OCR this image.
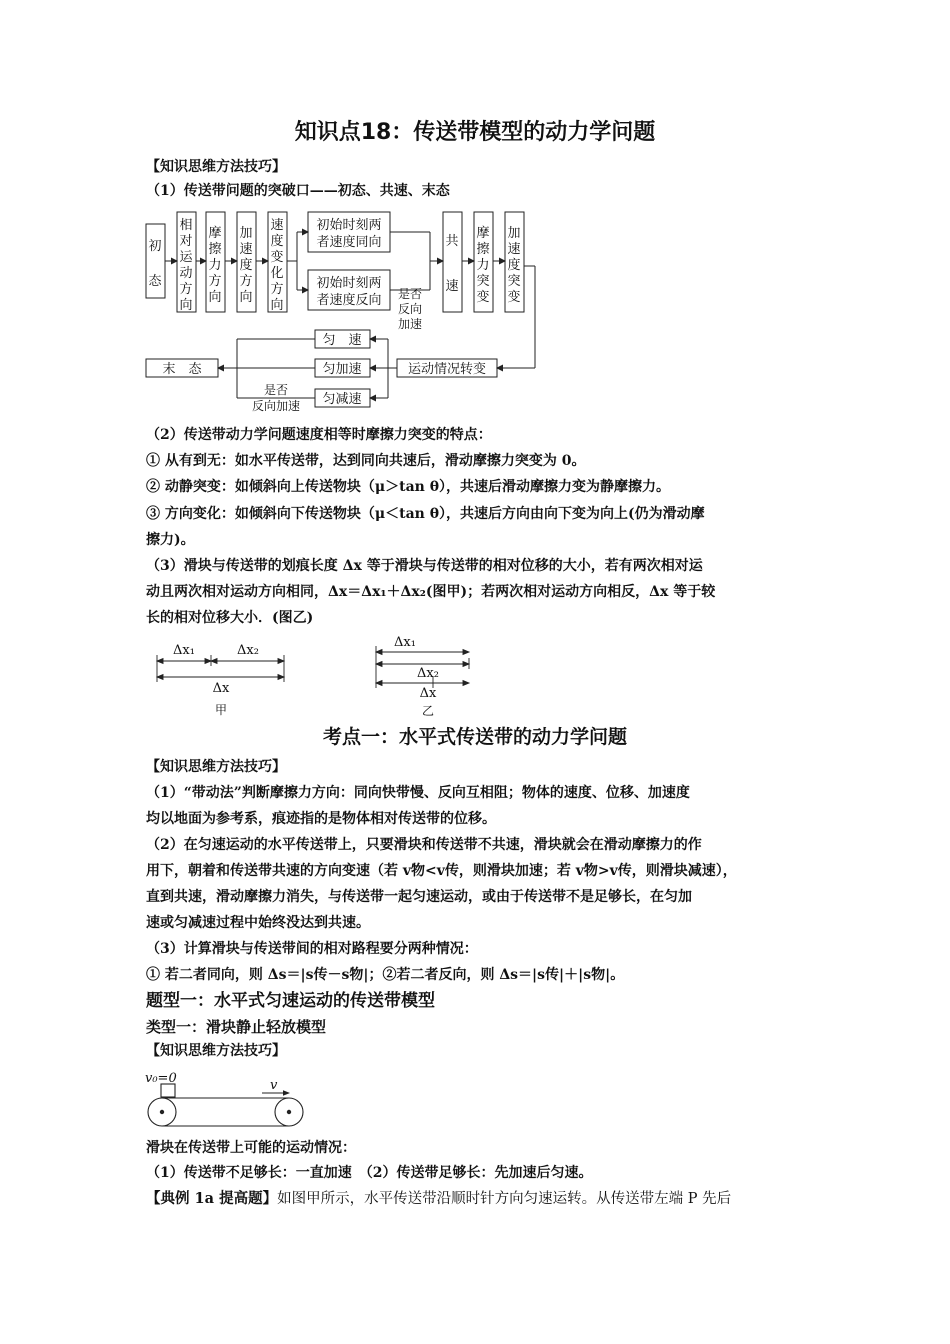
知识点18：传送带模型的动力学问题
【知识思维方法技巧】
（1）传送带问题的突破口——初态、共速、末态
初
态
相
对
运
动
方
向
摩
擦
力
方
向
加
速
度
方
向
速
度
变
化
方
向
初始时刻两
者速度同向
初始时刻两
者速度反向 是否
反向
加速
共
速
摩
擦
力
突
变
加
速
度
突
变
匀　速
匀加速
匀减速
运动情况转变
末　态
是否
反向加速
（2）传送带动力学问题速度相等时摩擦力突变的特点：
① 从有到无：如水平传送带，达到同向共速后，滑动摩擦力突变为 0。
② 动静突变：如倾斜向上传送物块（μ＞tan θ），共速后滑动摩擦力变为静摩擦力。
③ 方向变化：如倾斜向下传送物块（μ＜tan θ），共速后方向由向下变为向上(仍为滑动摩
擦力)。
（3）滑块与传送带的划痕长度 Δx 等于滑块与传送带的相对位移的大小，若有两次相对运
动且两次相对运动方向相同，Δx＝Δx₁＋Δx₂(图甲)；若两次相对运动方向相反，Δx 等于较
长的相对位移大小．(图乙)
Δx₁	Δx₂
Δx
甲
Δx₁
Δx₂
Δx
乙
考点一：水平式传送带的动力学问题
【知识思维方法技巧】
（1）“带动法”判断摩擦力方向：同向快带慢、反向互相阻；物体的速度、位移、加速度
均以地面为参考系，痕迹指的是物体相对传送带的位移。
（2）在匀速运动的水平传送带上，只要滑块和传送带不共速，滑块就会在滑动摩擦力的作
用下，朝着和传送带共速的方向变速（若 v物<v传，则滑块加速；若 v物>v传，则滑块减速），
直到共速，滑动摩擦力消失，与传送带一起匀速运动，或由于传送带不是足够长，在匀加
速或匀减速过程中始终没达到共速。
（3）计算滑块与传送带间的相对路程要分两种情况：
① 若二者同向，则 Δs＝|s传－s物|；②若二者反向，则 Δs＝|s传|＋|s物|。
题型一：水平式匀速运动的传送带模型
类型一：滑块静止轻放模型
【知识思维方法技巧】
v₀=0	v
滑块在传送带上可能的运动情况：
（1）传送带不足够长：一直加速　（2）传送带足够长：先加速后匀速。
【典例 1a 提高题】如图甲所示，水平传送带沿顺时针方向匀速运转。从传送带左端 P 先后
